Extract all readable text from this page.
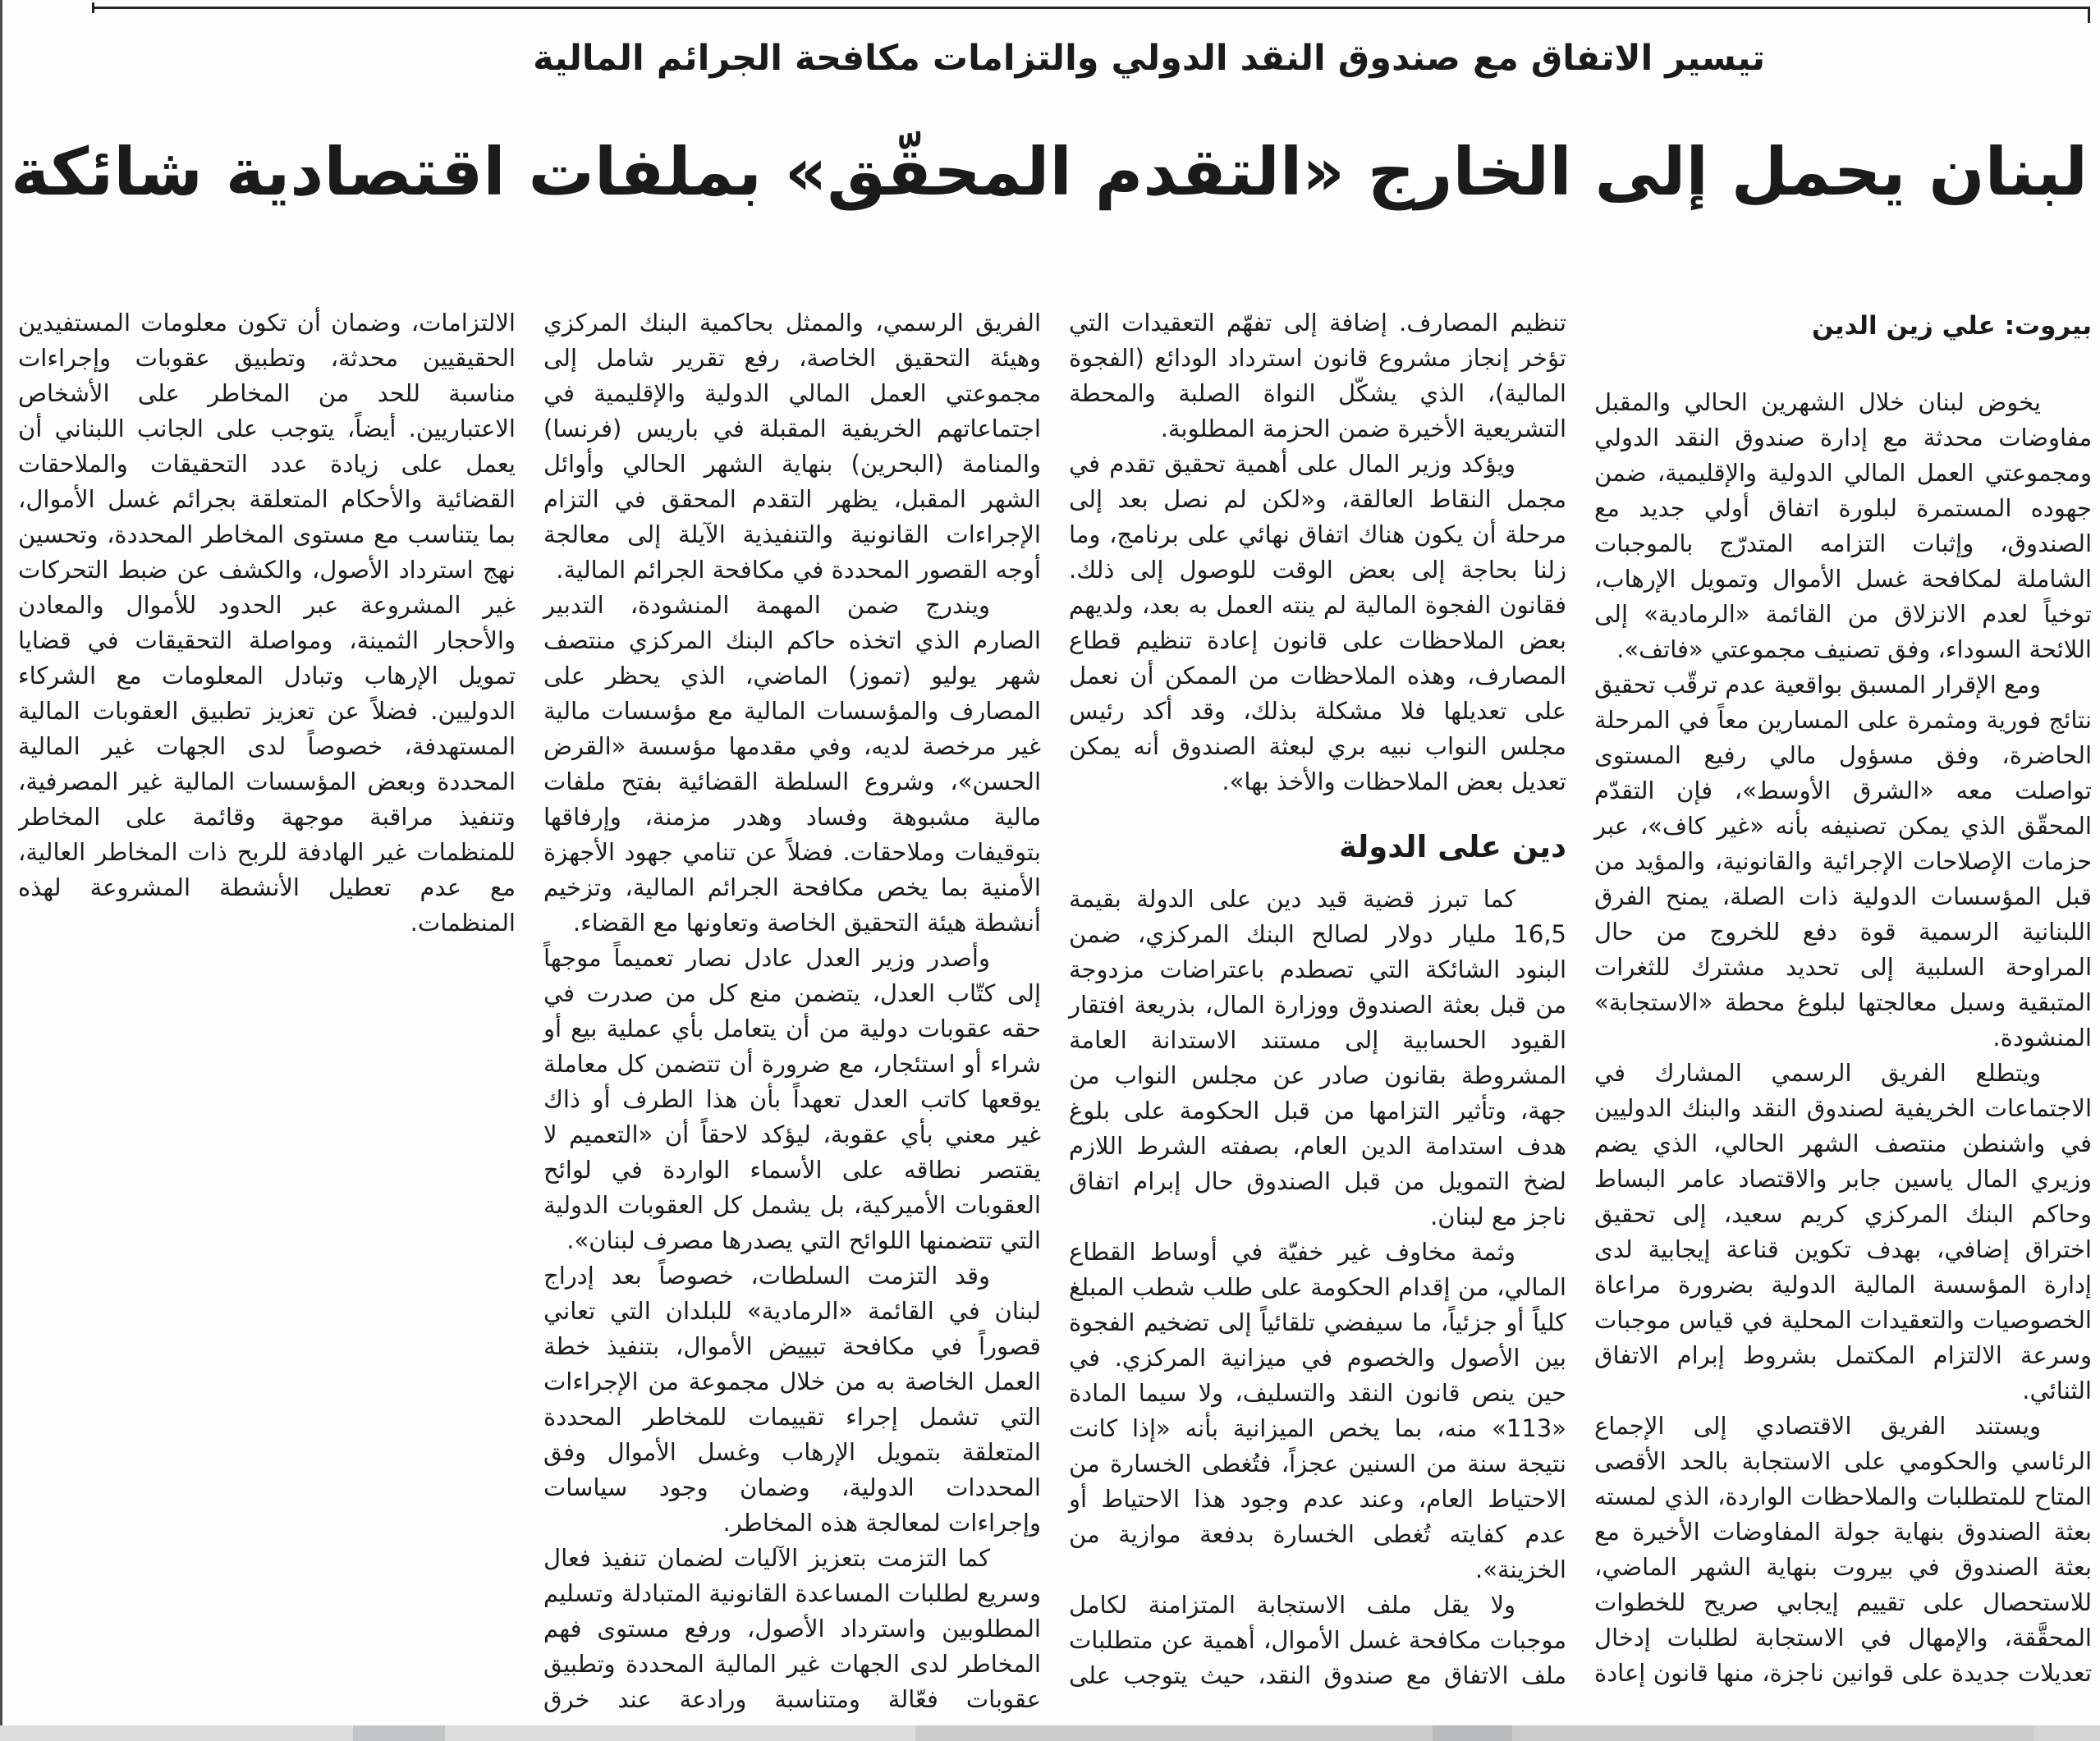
تيسير الاتفاق مع صندوق النقد الدولي والتزامات مكافحة الجرائم المالية
لبنان يحمل إلى الخارج «التقدم المحقّق» بملفات اقتصادية شائكة
بيروت: علي زين الدين

يخوض لبنان خلال الشهرين الحالي والمقبل مفاوضات محدثة مع إدارة صندوق النقد الدولي ومجموعتي العمل المالي الدولية والإقليمية، ضمن جهوده المستمرة لبلورة اتفاق أولي جديد مع الصندوق، وإثبات التزامه المتدرّج بالموجبات الشاملة لمكافحة غسل الأموال وتمويل الإرهاب، توخياً لعدم الانزلاق من القائمة «الرمادية» إلى اللائحة السوداء، وفق تصنيف مجموعتي «فاتف».

ومع الإقرار المسبق بواقعية عدم ترقّب تحقيق نتائج فورية ومثمرة على المسارين معاً في المرحلة الحاضرة، وفق مسؤول مالي رفيع المستوى تواصلت معه «الشرق الأوسط»، فإن التقدّم المحقّق الذي يمكن تصنيفه بأنه «غير كاف»، عبر حزمات الإصلاحات الإجرائية والقانونية، والمؤيد من قبل المؤسسات الدولية ذات الصلة، يمنح الفرق اللبنانية الرسمية قوة دفع للخروج من حال المراوحة السلبية إلى تحديد مشترك للثغرات المتبقية وسبل معالجتها لبلوغ محطة «الاستجابة» المنشودة.

ويتطلع الفريق الرسمي المشارك في الاجتماعات الخريفية لصندوق النقد والبنك الدوليين في واشنطن منتصف الشهر الحالي، الذي يضم وزيري المال ياسين جابر والاقتصاد عامر البساط وحاكم البنك المركزي كريم سعيد، إلى تحقيق اختراق إضافي، بهدف تكوين قناعة إيجابية لدى إدارة المؤسسة المالية الدولية بضرورة مراعاة الخصوصيات والتعقيدات المحلية في قياس موجبات وسرعة الالتزام المكتمل بشروط إبرام الاتفاق الثنائي.

ويستند الفريق الاقتصادي إلى الإجماع الرئاسي والحكومي على الاستجابة بالحد الأقصى المتاح للمتطلبات والملاحظات الواردة، الذي لمسته بعثة الصندوق بنهاية جولة المفاوضات الأخيرة مع بعثة الصندوق في بيروت بنهاية الشهر الماضي، للاستحصال على تقييم إيجابي صريح للخطوات المحقَّقة، والإمهال في الاستجابة لطلبات إدخال تعديلات جديدة على قوانين ناجزة، منها قانون إعادة تنظيم المصارف. إضافة إلى تفهّم التعقيدات التي تؤخر إنجاز مشروع قانون استرداد الودائع (الفجوة المالية)، الذي يشكّل النواة الصلبة والمحطة التشريعية الأخيرة ضمن الحزمة المطلوبة.

ويؤكد وزير المال على أهمية تحقيق تقدم في مجمل النقاط العالقة، و«لكن لم نصل بعد إلى مرحلة أن يكون هناك اتفاق نهائي على برنامج، وما زلنا بحاجة إلى بعض الوقت للوصول إلى ذلك. فقانون الفجوة المالية لم ينته العمل به بعد، ولديهم بعض الملاحظات على قانون إعادة تنظيم قطاع المصارف، وهذه الملاحظات من الممكن أن نعمل على تعديلها فلا مشكلة بذلك، وقد أكد رئيس مجلس النواب نبيه بري لبعثة الصندوق أنه يمكن تعديل بعض الملاحظات والأخذ بها».

دين على الدولة

كما تبرز قضية قيد دين على الدولة بقيمة 16,5 مليار دولار لصالح البنك المركزي، ضمن البنود الشائكة التي تصطدم باعتراضات مزدوجة من قبل بعثة الصندوق ووزارة المال، بذريعة افتقار القيود الحسابية إلى مستند الاستدانة العامة المشروطة بقانون صادر عن مجلس النواب من جهة، وتأثير التزامها من قبل الحكومة على بلوغ هدف استدامة الدين العام، بصفته الشرط اللازم لضخ التمويل من قبل الصندوق حال إبرام اتفاق ناجز مع لبنان.

وثمة مخاوف غير خفيّة في أوساط القطاع المالي، من إقدام الحكومة على طلب شطب المبلغ كلياً أو جزئياً، ما سيفضي تلقائياً إلى تضخيم الفجوة بين الأصول والخصوم في ميزانية المركزي. في حين ينص قانون النقد والتسليف، ولا سيما المادة «113» منه، بما يخص الميزانية بأنه «إذا كانت نتيجة سنة من السنين عجزاً، فتُغطى الخسارة من الاحتياط العام، وعند عدم وجود هذا الاحتياط أو عدم كفايته تُغطى الخسارة بدفعة موازية من الخزينة».

ولا يقل ملف الاستجابة المتزامنة لكامل موجبات مكافحة غسل الأموال، أهمية عن متطلبات ملف الاتفاق مع صندوق النقد، حيث يتوجب على الفريق الرسمي، والممثل بحاكمية البنك المركزي وهيئة التحقيق الخاصة، رفع تقرير شامل إلى مجموعتي العمل المالي الدولية والإقليمية في اجتماعاتهم الخريفية المقبلة في باريس (فرنسا) والمنامة (البحرين) بنهاية الشهر الحالي وأوائل الشهر المقبل، يظهر التقدم المحقق في التزام الإجراءات القانونية والتنفيذية الآيلة إلى معالجة أوجه القصور المحددة في مكافحة الجرائم المالية.

ويندرج ضمن المهمة المنشودة، التدبير الصارم الذي اتخذه حاكم البنك المركزي منتصف شهر يوليو (تموز) الماضي، الذي يحظر على المصارف والمؤسسات المالية مع مؤسسات مالية غير مرخصة لديه، وفي مقدمها مؤسسة «القرض الحسن»، وشروع السلطة القضائية بفتح ملفات مالية مشبوهة وفساد وهدر مزمنة، وإرفاقها بتوقيفات وملاحقات. فضلاً عن تنامي جهود الأجهزة الأمنية بما يخص مكافحة الجرائم المالية، وتزخيم أنشطة هيئة التحقيق الخاصة وتعاونها مع القضاء.

وأصدر وزير العدل عادل نصار تعميماً موجهاً إلى كتّاب العدل، يتضمن منع كل من صدرت في حقه عقوبات دولية من أن يتعامل بأي عملية بيع أو شراء أو استئجار، مع ضرورة أن تتضمن كل معاملة يوقعها كاتب العدل تعهداً بأن هذا الطرف أو ذاك غير معني بأي عقوبة، ليؤكد لاحقاً أن «التعميم لا يقتصر نطاقه على الأسماء الواردة في لوائح العقوبات الأميركية، بل يشمل كل العقوبات الدولية التي تتضمنها اللوائح التي يصدرها مصرف لبنان».

وقد التزمت السلطات، خصوصاً بعد إدراج لبنان في القائمة «الرمادية» للبلدان التي تعاني قصوراً في مكافحة تبييض الأموال، بتنفيذ خطة العمل الخاصة به من خلال مجموعة من الإجراءات التي تشمل إجراء تقييمات للمخاطر المحددة المتعلقة بتمويل الإرهاب وغسل الأموال وفق المحددات الدولية، وضمان وجود سياسات وإجراءات لمعالجة هذه المخاطر.

كما التزمت بتعزيز الآليات لضمان تنفيذ فعال وسريع لطلبات المساعدة القانونية المتبادلة وتسليم المطلوبين واسترداد الأصول، ورفع مستوى فهم المخاطر لدى الجهات غير المالية المحددة وتطبيق عقوبات فعّالة ومتناسبة ورادعة عند خرق الالتزامات، وضمان أن تكون معلومات المستفيدين الحقيقيين محدثة، وتطبيق عقوبات وإجراءات مناسبة للحد من المخاطر على الأشخاص الاعتباريين. أيضاً، يتوجب على الجانب اللبناني أن يعمل على زيادة عدد التحقيقات والملاحقات القضائية والأحكام المتعلقة بجرائم غسل الأموال، بما يتناسب مع مستوى المخاطر المحددة، وتحسين نهج استرداد الأصول، والكشف عن ضبط التحركات غير المشروعة عبر الحدود للأموال والمعادن والأحجار الثمينة، ومواصلة التحقيقات في قضايا تمويل الإرهاب وتبادل المعلومات مع الشركاء الدوليين. فضلاً عن تعزيز تطبيق العقوبات المالية المستهدفة، خصوصاً لدى الجهات غير المالية المحددة وبعض المؤسسات المالية غير المصرفية، وتنفيذ مراقبة موجهة وقائمة على المخاطر للمنظمات غير الهادفة للربح ذات المخاطر العالية، مع عدم تعطيل الأنشطة المشروعة لهذه المنظمات.
